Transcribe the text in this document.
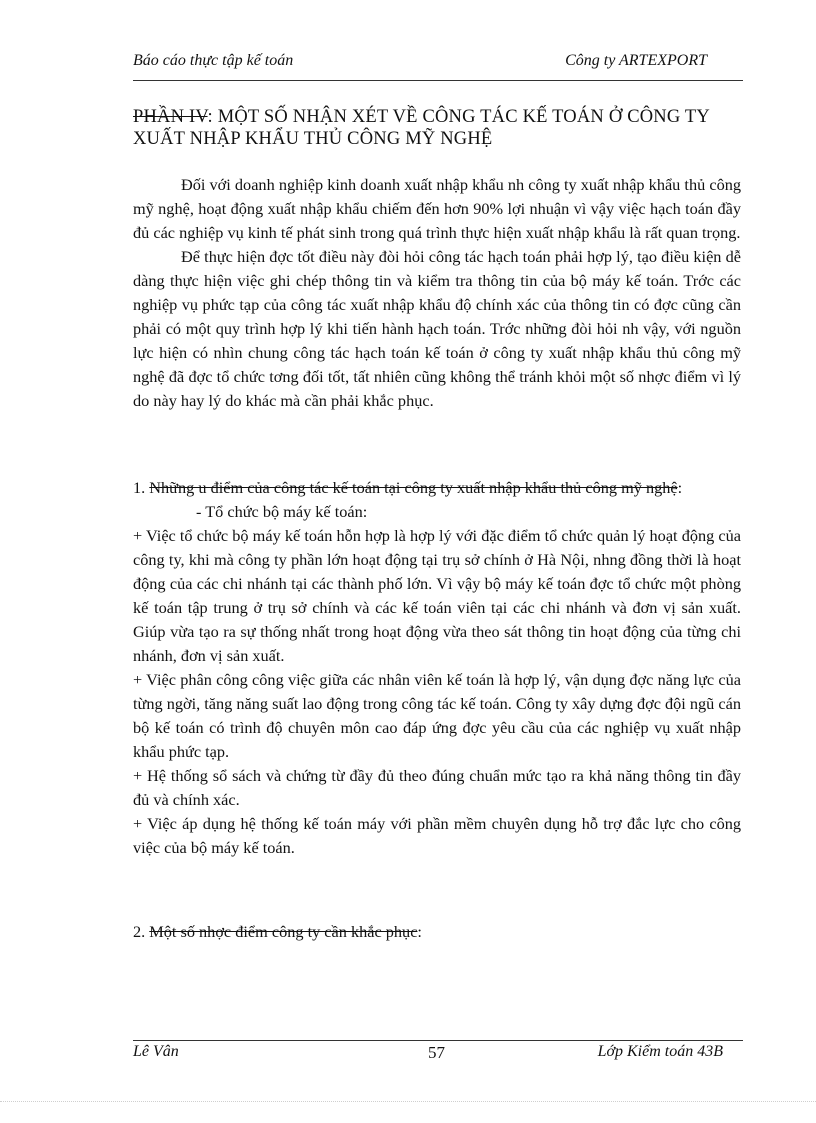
Báo cáo thực tập kế toán	Công ty ARTEXPORT
PHẦN IV: MỘT SỐ NHẬN XÉT VỀ CÔNG TÁC KẾ TOÁN Ở CÔNG TY XUẤT NHẬP KHẨU THỦ CÔNG MỸ NGHỆ

Đối với doanh nghiệp kinh doanh xuất nhập khẩu nh công ty xuất nhập khẩu thủ công mỹ nghệ, hoạt động xuất nhập khẩu chiếm đến hơn 90% lợi nhuận vì vậy việc hạch toán đầy đủ các nghiệp vụ kinh tế phát sinh trong quá trình thực hiện xuất nhập khẩu là rất quan trọng.

Để thực hiện đợc tốt điều này đòi hỏi công tác hạch toán phải hợp lý, tạo điều kiện dễ dàng thực hiện việc ghi chép thông tin và kiểm tra thông tin của bộ máy kế toán. Trớc các nghiệp vụ phức tạp của công tác xuất nhập khẩu độ chính xác của thông tin có đợc cũng cần phải có một quy trình hợp lý khi tiến hành hạch toán. Trớc những đòi hỏi nh vậy, với nguồn lực hiện có nhìn chung công tác hạch toán kế toán ở công ty xuất nhập khẩu thủ công mỹ nghệ đã đợc tổ chức tơng đối tốt, tất nhiên cũng không thể tránh khỏi một số nhợc điểm vì lý do này hay lý do khác mà cần phải khắc phục.

1. Những u điểm của công tác kế toán tại công ty xuất nhập khẩu thủ công mỹ nghệ:

- Tổ chức bộ máy kế toán:

+ Việc tổ chức bộ máy kế toán hỗn hợp là hợp lý với đặc điểm tổ chức quản lý hoạt động của công ty, khi mà công ty phần lớn hoạt động tại trụ sở chính ở Hà Nội, nhng đồng thời là hoạt động của các chi nhánh tại các thành phố lớn. Vì vậy bộ máy kế toán đợc tổ chức một phòng kế toán tập trung ở trụ sở chính và các kế toán viên tại các chi nhánh và đơn vị sản xuất. Giúp vừa tạo ra sự thống nhất trong hoạt động vừa theo sát thông tin hoạt động của từng chi nhánh, đơn vị sản xuất.

+ Việc phân công công việc giữa các nhân viên kế toán là hợp lý, vận dụng đợc năng lực của từng ngời, tăng năng suất lao động trong công tác kế toán. Công ty xây dựng đợc đội ngũ cán bộ kế toán có trình độ chuyên môn cao đáp ứng đợc yêu cầu của các nghiệp vụ xuất nhập khẩu phức tạp.

+ Hệ thống sổ sách và chứng từ đầy đủ theo đúng chuẩn mức tạo ra khả năng thông tin đầy đủ và chính xác.

+ Việc áp dụng hệ thống kế toán máy với phần mềm chuyên dụng hỗ trợ đắc lực cho công việc của bộ máy kế toán.

2. Một số nhợc điểm công ty cần khắc phục:

Lê Vân	57	Lớp Kiểm toán 43B
